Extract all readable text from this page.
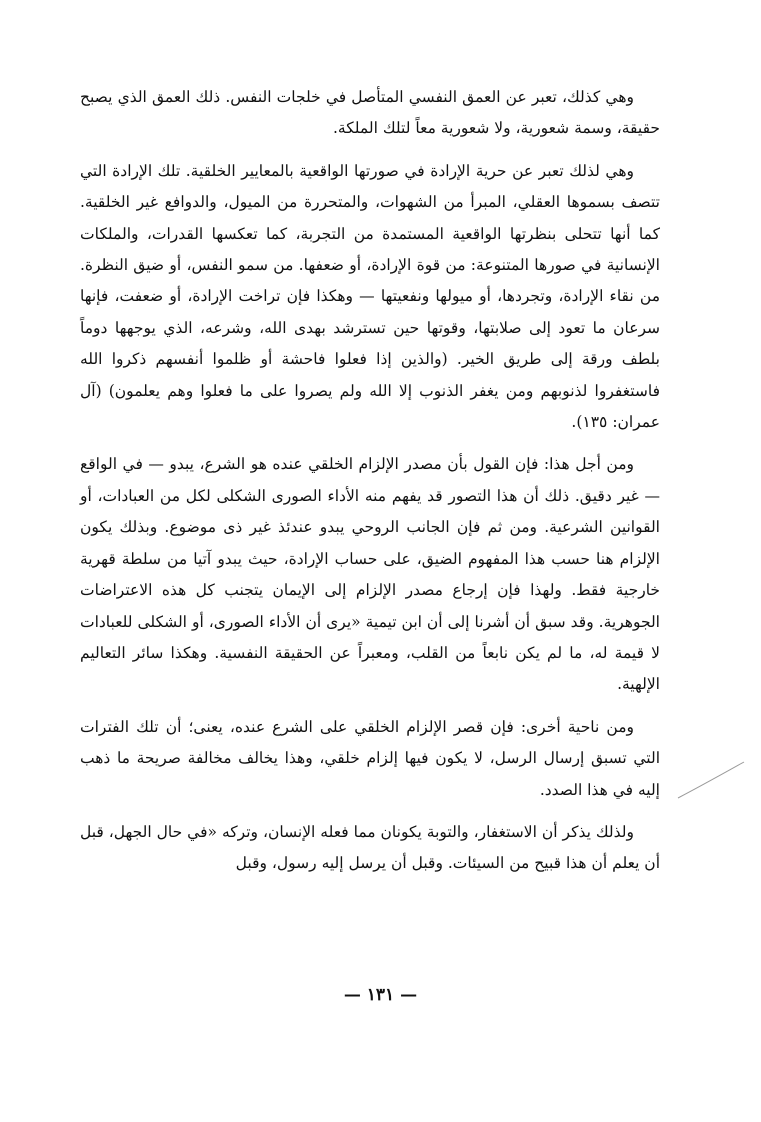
وهي كذلك، تعبر عن العمق النفسي المتأصل في خلجات النفس. ذلك العمق الذي يصبح حقيقة، وسمة شعورية، ولا شعورية معاً لتلك الملكة.

وهي لذلك تعبر عن حرية الإرادة في صورتها الواقعية بالمعايير الخلقية. تلك الإرادة التي تتصف بسموها العقلي، المبرأ من الشهوات، والمتحررة من الميول، والدوافع غير الخلقية. كما أنها تتحلى بنظرتها الواقعية المستمدة من التجربة، كما تعكسها القدرات، والملكات الإنسانية في صورها المتنوعة: من قوة الإرادة، أو ضعفها. من سمو النفس، أو ضيق النظرة. من نقاء الإرادة، وتجردها، أو ميولها ونفعيتها — وهكذا فإن تراخت الإرادة، أو ضعفت، فإنها سرعان ما تعود إلى صلابتها، وقوتها حين تسترشد بهدى الله، وشرعه، الذي يوجهها دوماً بلطف ورقة إلى طريق الخير. (والذين إذا فعلوا فاحشة أو ظلموا أنفسهم ذكروا الله فاستغفروا لذنوبهم ومن يغفر الذنوب إلا الله ولم يصروا على ما فعلوا وهم يعلمون) (آل عمران: ١٣٥).

ومن أجل هذا: فإن القول بأن مصدر الإلزام الخلقي عنده هو الشرع، يبدو — في الواقع — غير دقيق. ذلك أن هذا التصور قد يفهم منه الأداء الصورى الشكلى لكل من العبادات، أو القوانين الشرعية. ومن ثم فإن الجانب الروحي يبدو عندئذ غير ذى موضوع. وبذلك يكون الإلزام هنا حسب هذا المفهوم الضيق، على حساب الإرادة، حيث يبدو آتيا من سلطة قهرية خارجية فقط. ولهذا فإن إرجاع مصدر الإلزام إلى الإيمان يتجنب كل هذه الاعتراضات الجوهرية. وقد سبق أن أشرنا إلى أن ابن تيمية «يرى أن الأداء الصورى، أو الشكلى للعبادات لا قيمة له، ما لم يكن نابعاً من القلب، ومعبراً عن الحقيقة النفسية. وهكذا سائر التعاليم الإلهية.

ومن ناحية أخرى: فإن قصر الإلزام الخلقي على الشرع عنده، يعنى؛ أن تلك الفترات التي تسبق إرسال الرسل، لا يكون فيها إلزام خلقي، وهذا يخالف مخالفة صريحة ما ذهب إليه في هذا الصدد.

ولذلك يذكر أن الاستغفار، والتوبة يكونان مما فعله الإنسان، وتركه «في حال الجهل، قبل أن يعلم أن هذا قبيح من السيئات. وقبل أن يرسل إليه رسول، وقبل

— ١٣١ —
